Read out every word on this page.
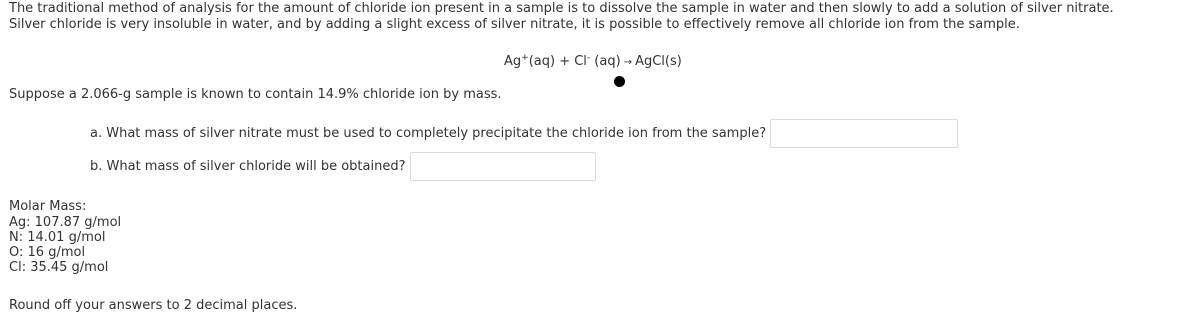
The traditional method of analysis for the amount of chloride ion present in a sample is to dissolve the sample in water and then slowly to add a solution of silver nitrate.
Silver chloride is very insoluble in water, and by adding a slight excess of silver nitrate, it is possible to effectively remove all chloride ion from the sample.
Ag+(aq) + Cl- (aq) → AgCl(s)
Suppose a 2.066-g sample is known to contain 14.9% chloride ion by mass.
a. What mass of silver nitrate must be used to completely precipitate the chloride ion from the sample?
b. What mass of silver chloride will be obtained?
Molar Mass:
Ag: 107.87 g/mol
N: 14.01 g/mol
O: 16 g/mol
Cl: 35.45 g/mol
Round off your answers to 2 decimal places.
